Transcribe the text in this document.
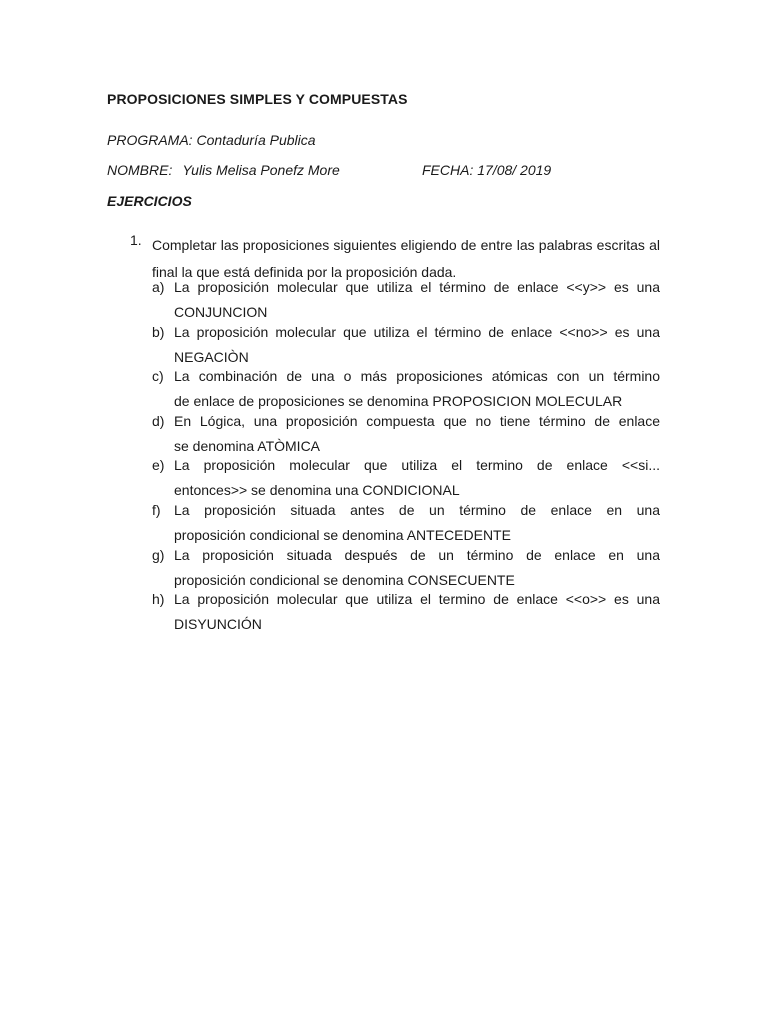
PROPOSICIONES SIMPLES Y COMPUESTAS
PROGRAMA: Contaduría Publica
NOMBRE: Yulis Melisa Ponefz More	FECHA: 17/08/ 2019
EJERCICIOS
1. Completar las proposiciones siguientes eligiendo de entre las palabras escritas al final la que está definida por la proposición dada.
a) La proposición molecular que utiliza el término de enlace <<y>> es una
CONJUNCION
b) La proposición molecular que utiliza el término de enlace <<no>> es una
NEGACIÒN
c) La combinación de una o más proposiciones atómicas con un término
de enlace de proposiciones se denomina PROPOSICION MOLECULAR
d) En Lógica, una proposición compuesta que no tiene término de enlace
se denomina ATÒMICA
e) La proposición molecular que utiliza el termino de enlace <<si...
entonces>> se denomina una CONDICIONAL
f) La proposición situada antes de un término de enlace en una
proposición condicional se denomina ANTECEDENTE
g) La proposición situada después de un término de enlace en una
proposición condicional se denomina CONSECUENTE
h) La proposición molecular que utiliza el termino de enlace <<o>> es una
DISYUNCIÓN
